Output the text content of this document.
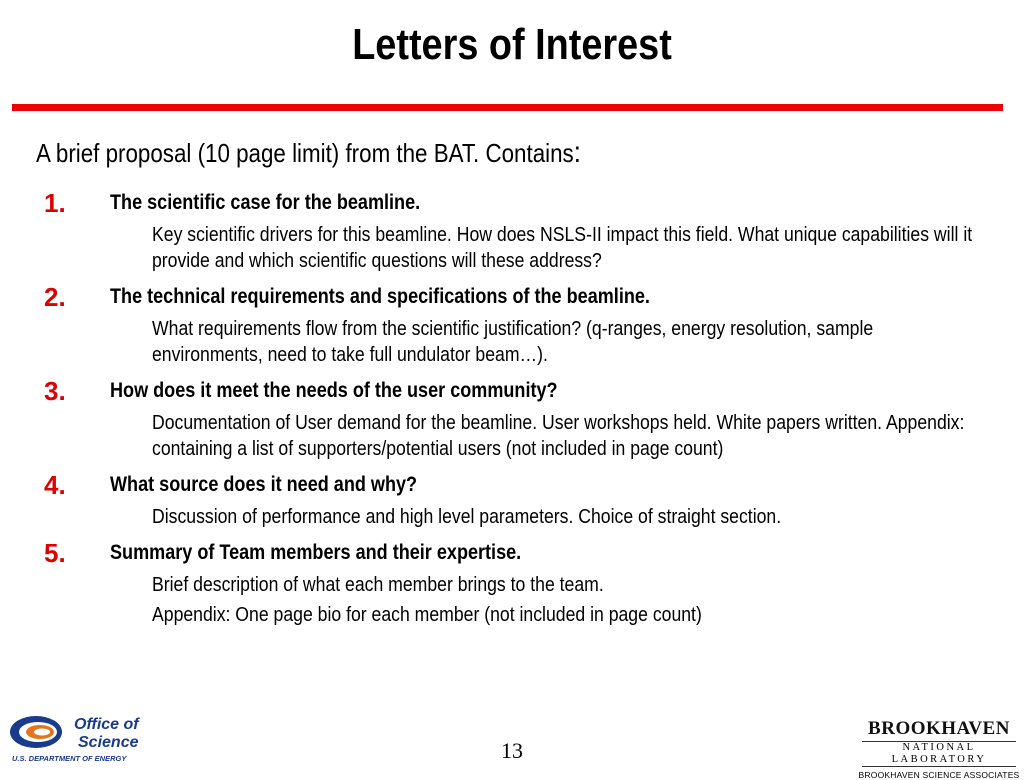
Letters of Interest
A brief proposal (10 page limit) from the BAT. Contains:
1. The scientific case for the beamline.
Key scientific drivers for this beamline. How does NSLS-II impact this field. What unique capabilities will it provide and which scientific questions will these address?
2. The technical requirements and specifications of the beamline.
What requirements flow from the scientific justification? (q-ranges, energy resolution, sample environments, need to take full undulator beam…).
3. How does it meet the needs of the user community?
Documentation of User demand for the beamline. User workshops held. White papers written. Appendix: containing a list of supporters/potential users (not included in page count)
4. What source does it need and why?
Discussion of performance and high level parameters. Choice of straight section.
5. Summary of Team members and their expertise.
Brief description of what each member brings to the team.
Appendix: One page bio for each member (not included in page count)
Office of
Science
U.S. DEPARTMENT OF ENERGY	13
BROOKHAVEN
NATIONAL LABORATORY
BROOKHAVEN SCIENCE ASSOCIATES
